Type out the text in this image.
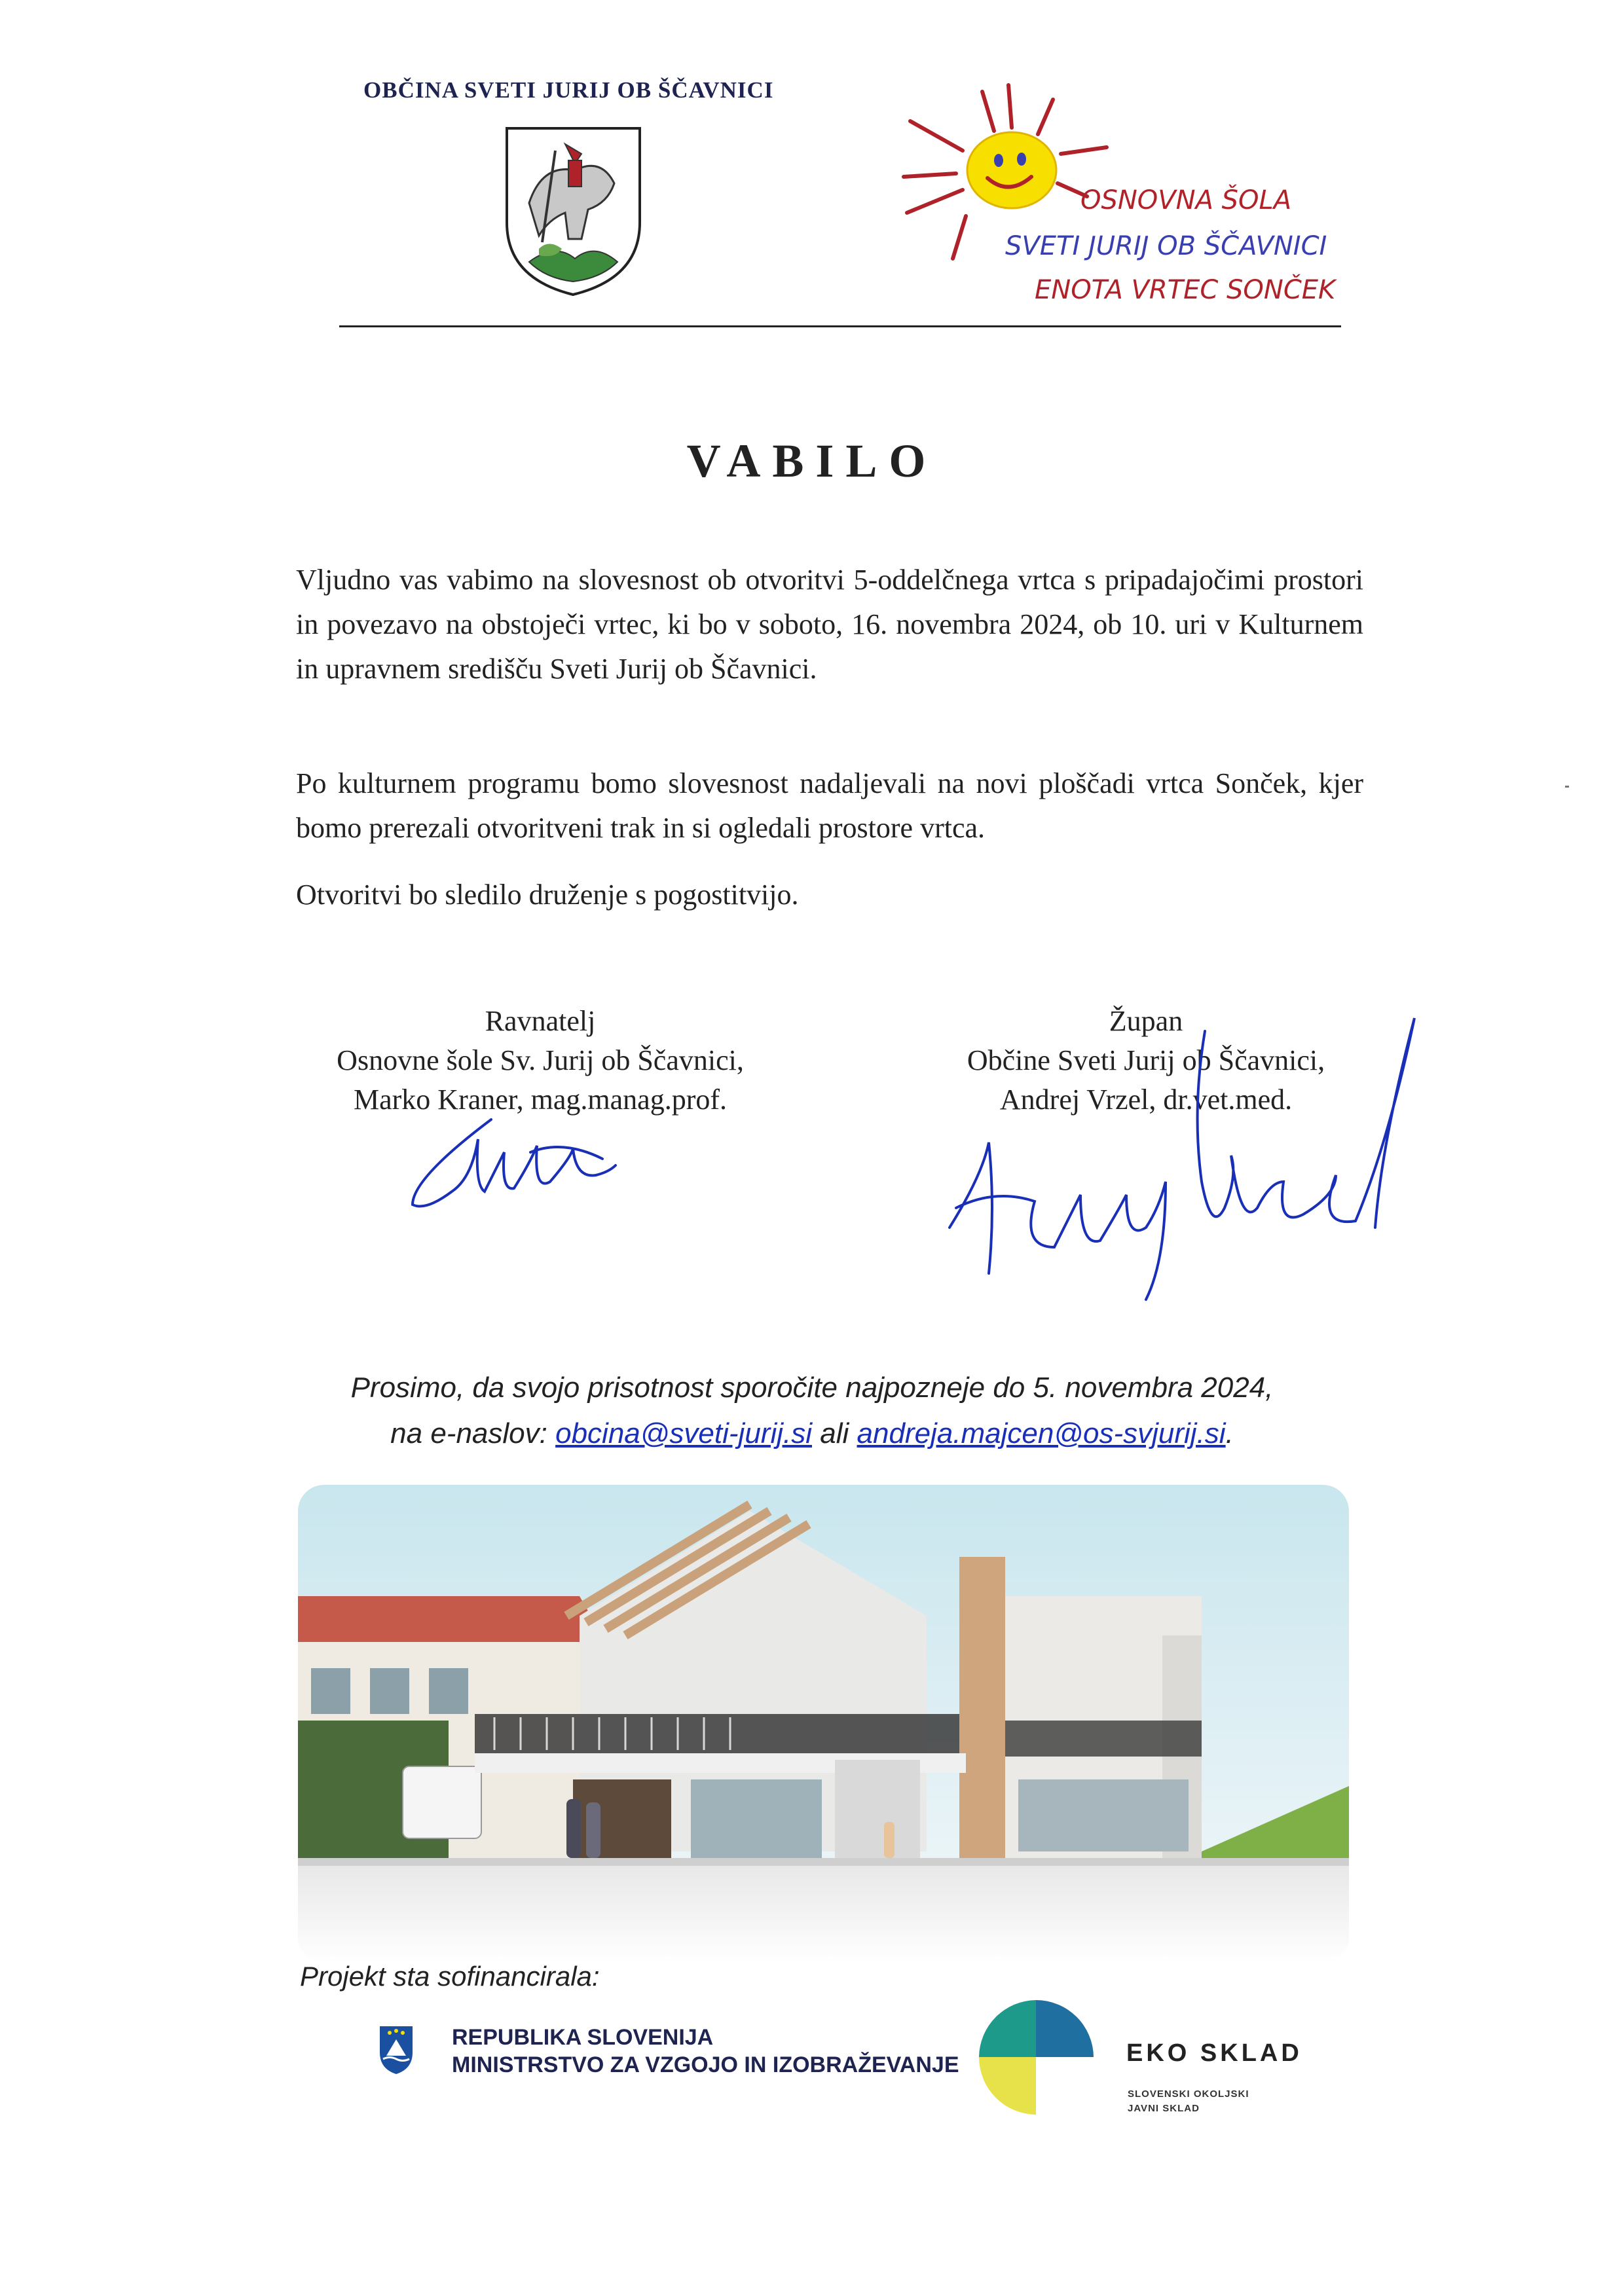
OBČINA SVETI JURIJ OB ŠČAVNICI
OSNOVNA ŠOLA
SVETI JURIJ OB ŠČAVNICI
ENOTA VRTEC SONČEK
VABILO
Vljudno vas vabimo na slovesnost ob otvoritvi 5-oddelčnega vrtca s pripadajočimi prostori in povezavo na obstoječi vrtec, ki bo v soboto, 16. novembra 2024, ob 10. uri v Kulturnem in upravnem središču Sveti Jurij ob Ščavnici.
Po kulturnem programu bomo slovesnost nadaljevali na novi ploščadi vrtca Sonček, kjer bomo prerezali otvoritveni trak in si ogledali prostore vrtca.
Otvoritvi bo sledilo druženje s pogostitvijo.
Ravnatelj
Osnovne šole Sv. Jurij ob Ščavnici,
Marko Kraner, mag.manag.prof.
Župan
Občine Sveti Jurij ob Ščavnici,
Andrej Vrzel, dr.vet.med.
Prosimo, da svojo prisotnost sporočite najpozneje do 5. novembra 2024,
na e-naslov: obcina@sveti-jurij.si ali andreja.majcen@os-svjurij.si.
Projekt sta sofinancirala:
REPUBLIKA SLOVENIJA
MINISTRSTVO ZA VZGOJO IN IZOBRAŽEVANJE	EKO SKLAD
SLOVENSKI OKOLJSKI
JAVNI SKLAD
